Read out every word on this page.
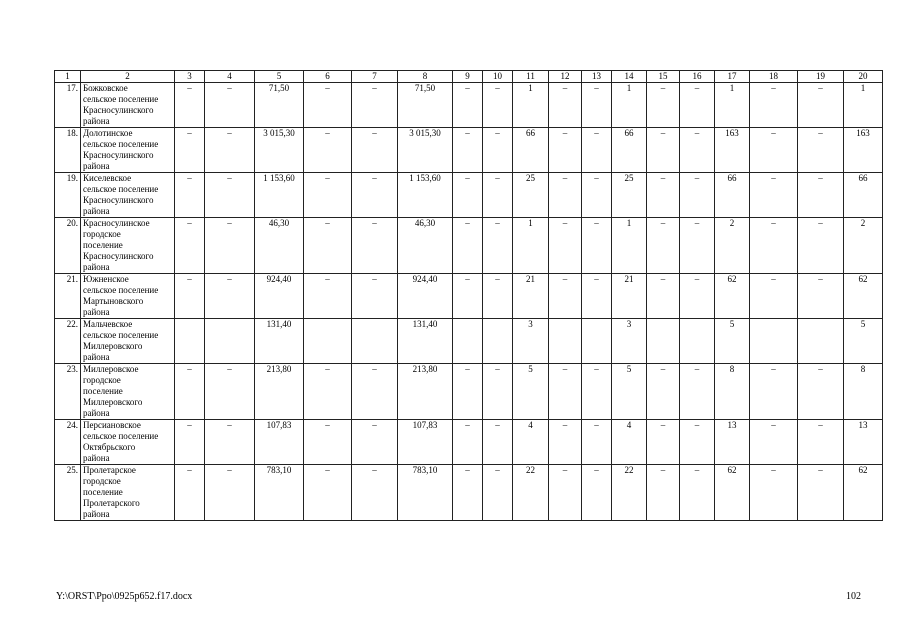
1	2	3	4	5	6	7	8	9	10	11	12	13	14	15	16	17	18	19	20
17.	Божковское
сельское поселение
Красносулинского
района	–	–	71,50	–	–	71,50	–	–	1	–	–	1	–	–	1	–	–	1
18.	Долотинское
сельское поселение
Красносулинского
района	–	–	3 015,30	–	–	3 015,30	–	–	66	–	–	66	–	–	163	–	–	163
19.	Киселевское
сельское поселение
Красносулинского
района	–	–	1 153,60	–	–	1 153,60	–	–	25	–	–	25	–	–	66	–	–	66
20.	Красносулинское
городское
поселение
Красносулинского
района	–	–	46,30	–	–	46,30	–	–	1	–	–	1	–	–	2	–	–	2
21.	Южненское
сельское поселение
Мартыновского
района	–	–	924,40	–	–	924,40	–	–	21	–	–	21	–	–	62	–	–	62
22.	Мальчевское
сельское поселение
Миллеровского
района			131,40			131,40			3			3			5			5
23.	Миллеровское
городское
поселение
Миллеровского
района	–	–	213,80	–	–	213,80	–	–	5	–	–	5	–	–	8	–	–	8
24.	Персиановское
сельское поселение
Октябрьского
района	–	–	107,83	–	–	107,83	–	–	4	–	–	4	–	–	13	–	–	13
25.	Пролетарское
городское
поселение
Пролетарского
района	–	–	783,10	–	–	783,10	–	–	22	–	–	22	–	–	62	–	–	62
Y:\ORST\Ppo\0925p652.f17.docx	102
